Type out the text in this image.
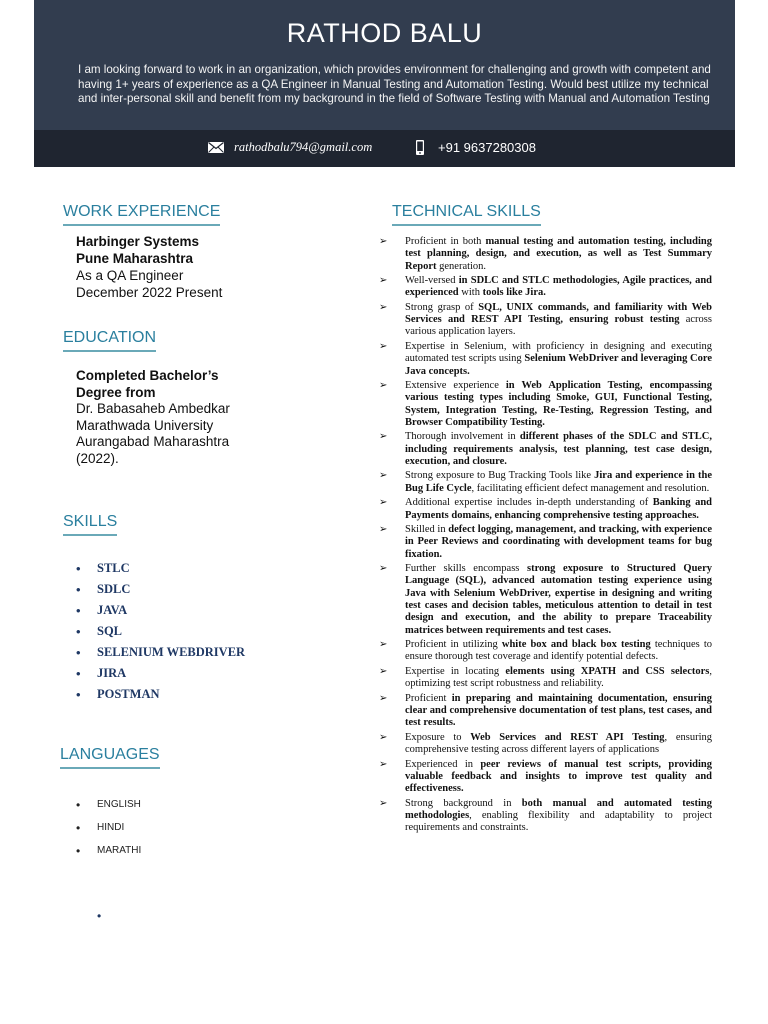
RATHOD BALU
I am looking forward to work in an organization, which provides environment for challenging and growth with competent and having 1+ years of experience as a QA Engineer in Manual Testing and Automation Testing. Would best utilize my technical and inter-personal skill and benefit from my background in the field of Software Testing with Manual and Automation Testing
rathodbalu794@gmail.com	+91 9637280308
WORK EXPERIENCE
Harbinger Systems
Pune Maharashtra
As a QA Engineer
December 2022 Present
EDUCATION
Completed Bachelor’s
Degree from
Dr. Babasaheb Ambedkar
Marathwada University
Aurangabad Maharashtra
(2022).
SKILLS
• STLC
• SDLC
• JAVA
• SQL
• SELENIUM WEBDRIVER
• JIRA
• POSTMAN
LANGUAGES
• ENGLISH
• HINDI
• MARATHI
•
TECHNICAL SKILLS
➢ Proficient in both manual testing and automation testing, including test planning, design, and execution, as well as Test Summary Report generation.
➢ Well-versed in SDLC and STLC methodologies, Agile practices, and experienced with tools like Jira.
➢ Strong grasp of SQL, UNIX commands, and familiarity with Web Services and REST API Testing, ensuring robust testing across various application layers.
➢ Expertise in Selenium, with proficiency in designing and executing automated test scripts using Selenium WebDriver and leveraging Core Java concepts.
➢ Extensive experience in Web Application Testing, encompassing various testing types including Smoke, GUI, Functional Testing, System, Integration Testing, Re-Testing, Regression Testing, and Browser Compatibility Testing.
➢ Thorough involvement in different phases of the SDLC and STLC, including requirements analysis, test planning, test case design, execution, and closure.
➢ Strong exposure to Bug Tracking Tools like Jira and experience in the Bug Life Cycle, facilitating efficient defect management and resolution.
➢ Additional expertise includes in-depth understanding of Banking and Payments domains, enhancing comprehensive testing approaches.
➢ Skilled in defect logging, management, and tracking, with experience in Peer Reviews and coordinating with development teams for bug fixation.
➢ Further skills encompass strong exposure to Structured Query Language (SQL), advanced automation testing experience using Java with Selenium WebDriver, expertise in designing and writing test cases and decision tables, meticulous attention to detail in test design and execution, and the ability to prepare Traceability matrices between requirements and test cases.
➢ Proficient in utilizing white box and black box testing techniques to ensure thorough test coverage and identify potential defects.
➢ Expertise in locating elements using XPATH and CSS selectors, optimizing test script robustness and reliability.
➢ Proficient in preparing and maintaining documentation, ensuring clear and comprehensive documentation of test plans, test cases, and test results.
➢ Exposure to Web Services and REST API Testing, ensuring comprehensive testing across different layers of applications
➢ Experienced in peer reviews of manual test scripts, providing valuable feedback and insights to improve test quality and effectiveness.
➢ Strong background in both manual and automated testing methodologies, enabling flexibility and adaptability to project requirements and constraints.
